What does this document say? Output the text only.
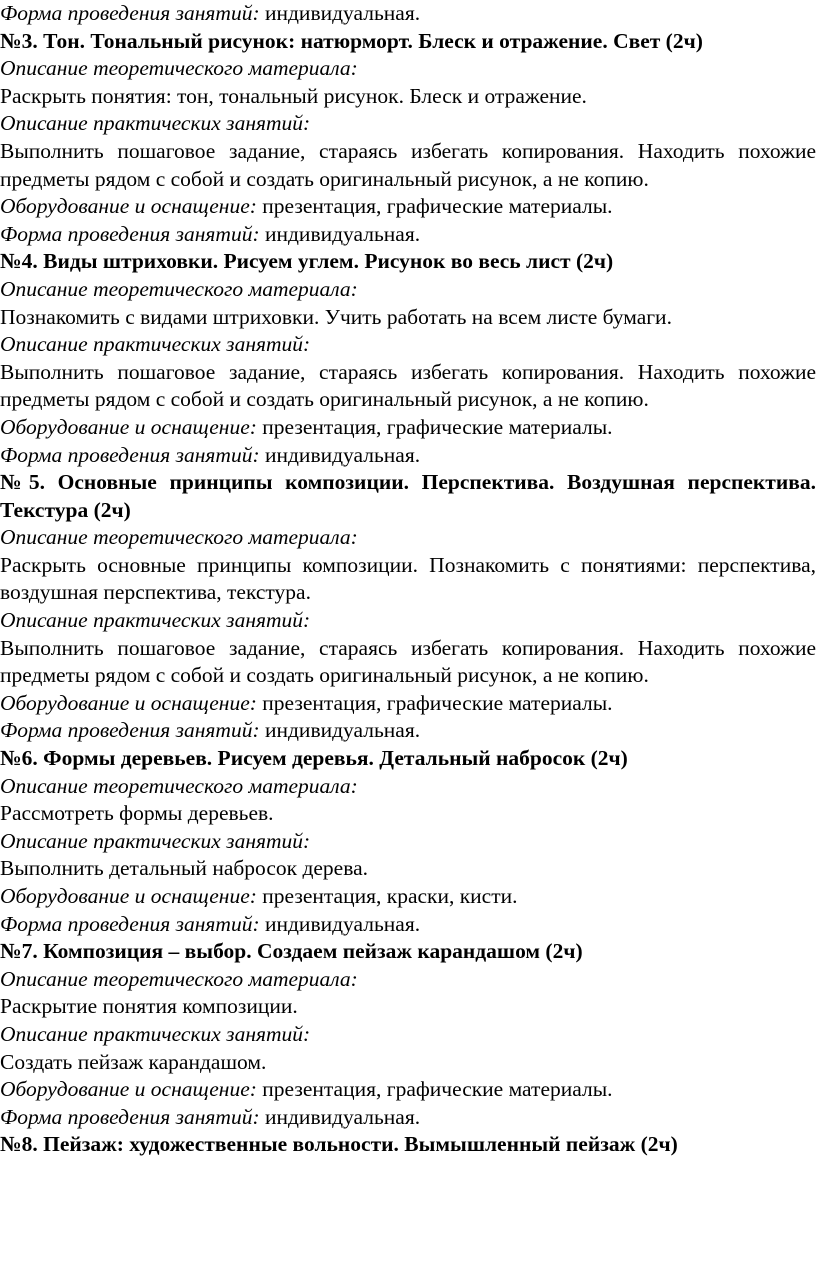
Форма проведения занятий: индивидуальная.

№3. Тон. Тональный рисунок: натюрморт. Блеск и отражение. Свет (2ч)

Описание теоретического материала:

Раскрыть понятия: тон, тональный рисунок. Блеск и отражение.

Описание практических занятий:

Выполнить пошаговое задание, стараясь избегать копирования. Находить похожие предметы рядом с собой и создать оригинальный рисунок, а не копию.

Оборудование и оснащение: презентация, графические материалы.

Форма проведения занятий: индивидуальная.

№4. Виды штриховки. Рисуем углем. Рисунок во весь лист (2ч)

Описание теоретического материала:

Познакомить с видами штриховки. Учить работать на всем листе бумаги.

Описание практических занятий:

Выполнить пошаговое задание, стараясь избегать копирования. Находить похожие предметы рядом с собой и создать оригинальный рисунок, а не копию.

Оборудование и оснащение: презентация, графические материалы.

Форма проведения занятий: индивидуальная.

№5. Основные принципы композиции. Перспектива. Воздушная перспектива. Текстура (2ч)

Описание теоретического материала:

Раскрыть основные принципы композиции. Познакомить с понятиями: перспектива, воздушная перспектива, текстура.

Описание практических занятий:

Выполнить пошаговое задание, стараясь избегать копирования. Находить похожие предметы рядом с собой и создать оригинальный рисунок, а не копию.

Оборудование и оснащение: презентация, графические материалы.

Форма проведения занятий: индивидуальная.

№6. Формы деревьев. Рисуем деревья. Детальный набросок (2ч)

Описание теоретического материала:

Рассмотреть формы деревьев.

Описание практических занятий:

Выполнить детальный набросок дерева.

Оборудование и оснащение: презентация, краски, кисти.

Форма проведения занятий: индивидуальная.

№7. Композиция – выбор. Создаем пейзаж карандашом (2ч)

Описание теоретического материала:

Раскрытие понятия композиции.

Описание практических занятий:

Создать пейзаж карандашом.

Оборудование и оснащение: презентация, графические материалы.

Форма проведения занятий: индивидуальная.

№8. Пейзаж: художественные вольности. Вымышленный пейзаж (2ч)
